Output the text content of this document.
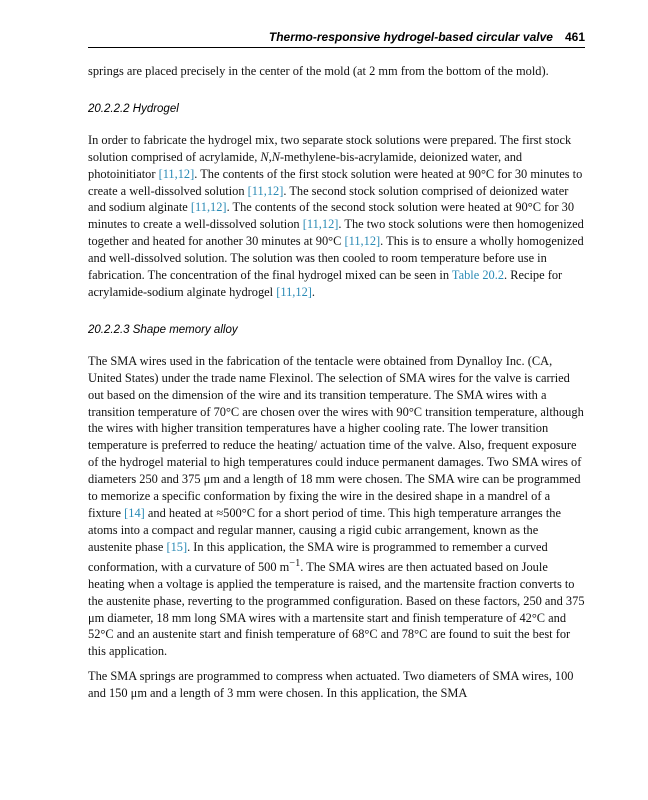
Thermo-responsive hydrogel-based circular valve 461

springs are placed precisely in the center of the mold (at 2 mm from the bottom of the mold).

20.2.2.2 Hydrogel

In order to fabricate the hydrogel mix, two separate stock solutions were prepared. The first stock solution comprised of acrylamide, N,N-methylene-bis-acrylamide, deionized water, and photoinitiator [11,12]. The contents of the first stock solution were heated at 90°C for 30 minutes to create a well-dissolved solution [11,12]. The second stock solution comprised of deionized water and sodium alginate [11,12]. The contents of the second stock solution were heated at 90°C for 30 minutes to create a well-dissolved solution [11,12]. The two stock solutions were then homogenized together and heated for another 30 minutes at 90°C [11,12]. This is to ensure a wholly homogenized and well-dissolved solution. The solution was then cooled to room temperature before use in fabrication. The concentration of the final hydrogel mixed can be seen in Table 20.2. Recipe for acrylamide-sodium alginate hydrogel [11,12].

20.2.2.3 Shape memory alloy

The SMA wires used in the fabrication of the tentacle were obtained from Dynalloy Inc. (CA, United States) under the trade name Flexinol. The selection of SMA wires for the valve is carried out based on the dimension of the wire and its transition temperature. The SMA wires with a transition temperature of 70°C are chosen over the wires with 90°C transition temperature, although the wires with higher transition temperatures have a higher cooling rate. The lower transition temperature is preferred to reduce the heating/ actuation time of the valve. Also, frequent exposure of the hydrogel material to high temperatures could induce permanent damages. Two SMA wires of diameters 250 and 375 μm and a length of 18 mm were chosen. The SMA wire can be programmed to memorize a specific conformation by fixing the wire in the desired shape in a mandrel of a fixture [14] and heated at ≈500°C for a short period of time. This high temperature arranges the atoms into a compact and regular manner, causing a rigid cubic arrangement, known as the austenite phase [15]. In this application, the SMA wire is programmed to remember a curved conformation, with a curvature of 500 $m^{-1}$. The SMA wires are then actuated based on Joule heating when a voltage is applied the temperature is raised, and the martensite fraction converts to the austenite phase, reverting to the programmed configuration. Based on these factors, 250 and 375 μm diameter, 18 mm long SMA wires with a martensite start and finish temperature of 42°C and 52°C and an austenite start and finish temperature of 68°C and 78°C are found to suit the best for this application.

The SMA springs are programmed to compress when actuated. Two diameters of SMA wires, 100 and 150 μm and a length of 3 mm were chosen. In this application, the SMA
